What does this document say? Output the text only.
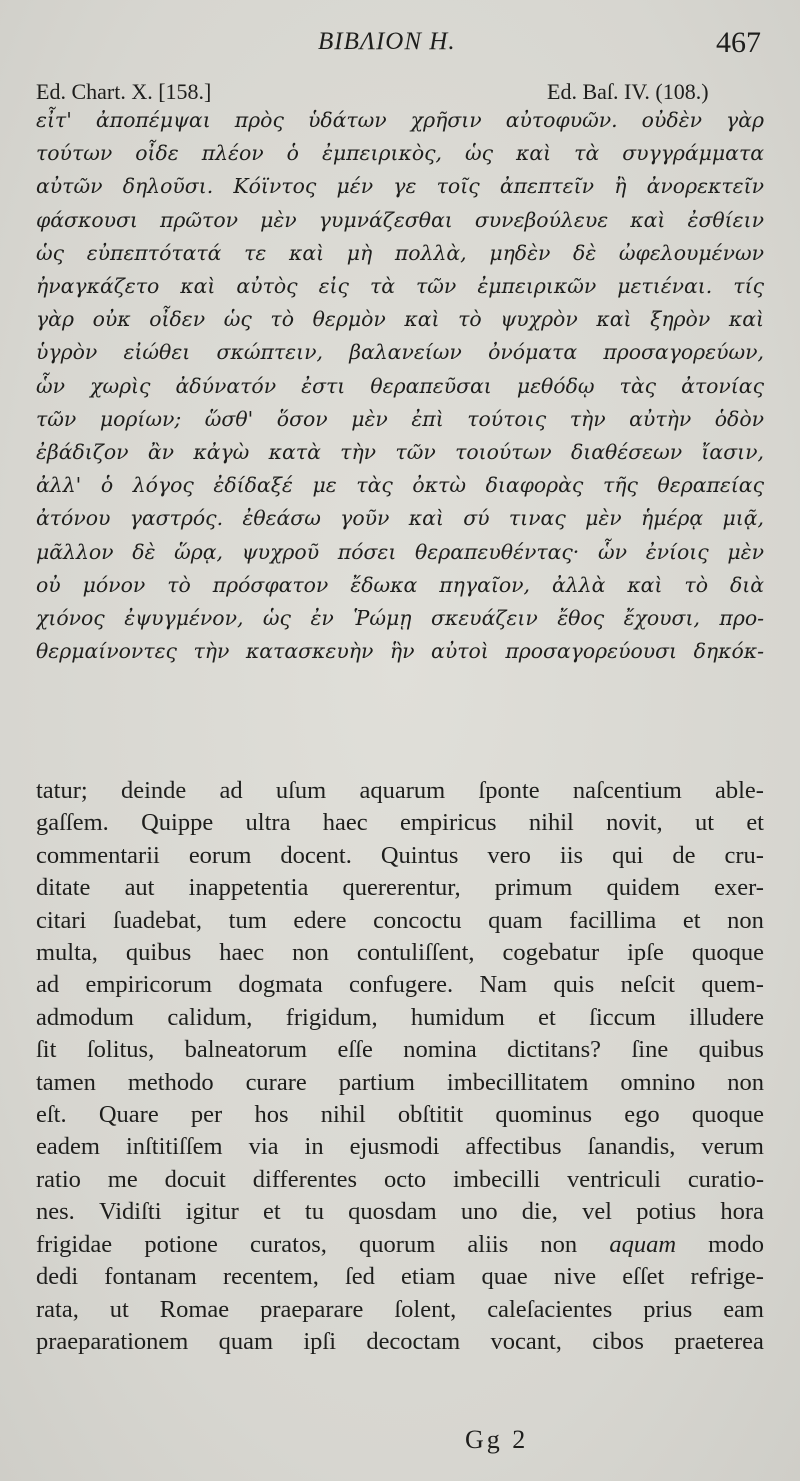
ΒΙΒΛΙΟΝ Η.	467
Ed. Chart. X. [158.]	Ed. Baſ. IV. (108.)
εἶτ' ἀποπέμψαι πρὸς ὑδάτων χρῆσιν αὐτοφυῶν. οὐδὲν γὰρ
τούτων οἶδε πλέον ὁ ἐμπειρικὸς, ὡς καὶ τὰ συγγράμματα
αὐτῶν δηλοῦσι. Κόϊντος μέν γε τοῖς ἀπεπτεῖν ἢ ἀνορεκτεῖν
φάσκουσι πρῶτον μὲν γυμνάζεσθαι συνεβούλευε καὶ ἐσθίειν
ὡς εὐπεπτότατά τε καὶ μὴ πολλὰ, μηδὲν δὲ ὠφελουμένων
ἠναγκάζετο καὶ αὐτὸς εἰς τὰ τῶν ἐμπειρικῶν μετιέναι. τίς
γὰρ οὐκ οἶδεν ὡς τὸ θερμὸν καὶ τὸ ψυχρὸν καὶ ξηρὸν καὶ
ὑγρὸν εἰώθει σκώπτειν, βαλανείων ὀνόματα προσαγορεύων,
ὧν χωρὶς ἀδύνατόν ἐστι θεραπεῦσαι μεθόδῳ τὰς ἀτονίας
τῶν μορίων; ὥσθ' ὅσον μὲν ἐπὶ τούτοις τὴν αὐτὴν ὁδὸν
ἐβάδιζον ἂν κἀγὼ κατὰ τὴν τῶν τοιούτων διαθέσεων ἴασιν,
ἀλλ' ὁ λόγος ἐδίδαξέ με τὰς ὀκτὼ διαφορὰς τῆς θεραπείας
ἀτόνου γαστρός. ἐθεάσω γοῦν καὶ σύ τινας μὲν ἡμέρᾳ μιᾷ,
μᾶλλον δὲ ὥρᾳ, ψυχροῦ πόσει θεραπευθέντας· ὧν ἐνίοις μὲν
οὐ μόνον τὸ πρόσφατον ἔδωκα πηγαῖον, ἀλλὰ καὶ τὸ διὰ
χιόνος ἐψυγμένον, ὡς ἐν Ῥώμῃ σκευάζειν ἔθος ἔχουσι, προ-
θερμαίνοντες τὴν κατασκευὴν ἣν αὐτοὶ προσαγορεύουσι δηκόκ-
tatur; deinde ad uſum aquarum ſponte naſcentium able-
gaſſem. Quippe ultra haec empiricus nihil novit, ut et
commentarii eorum docent. Quintus vero iis qui de cru-
ditate aut inappetentia quererentur, primum quidem exer-
citari ſuadebat, tum edere concoctu quam facillima et non
multa, quibus haec non contuliſſent, cogebatur ipſe quoque
ad empiricorum dogmata confugere. Nam quis neſcit quem-
admodum calidum, frigidum, humidum et ſiccum illudere
ſit ſolitus, balneatorum eſſe nomina dictitans? ſine quibus
tamen methodo curare partium imbecillitatem omnino non
eſt. Quare per hos nihil obſtitit quominus ego quoque
eadem inſtitiſſem via in ejusmodi affectibus ſanandis, verum
ratio me docuit differentes octo imbecilli ventriculi curatio-
nes. Vidiſti igitur et tu quosdam uno die, vel potius hora
frigidae potione curatos, quorum aliis non aquam modo
dedi fontanam recentem, ſed etiam quae nive eſſet refrige-
rata, ut Romae praeparare ſolent, caleſacientes prius eam
praeparationem quam ipſi decoctam vocant, cibos praeterea
Gg 2
